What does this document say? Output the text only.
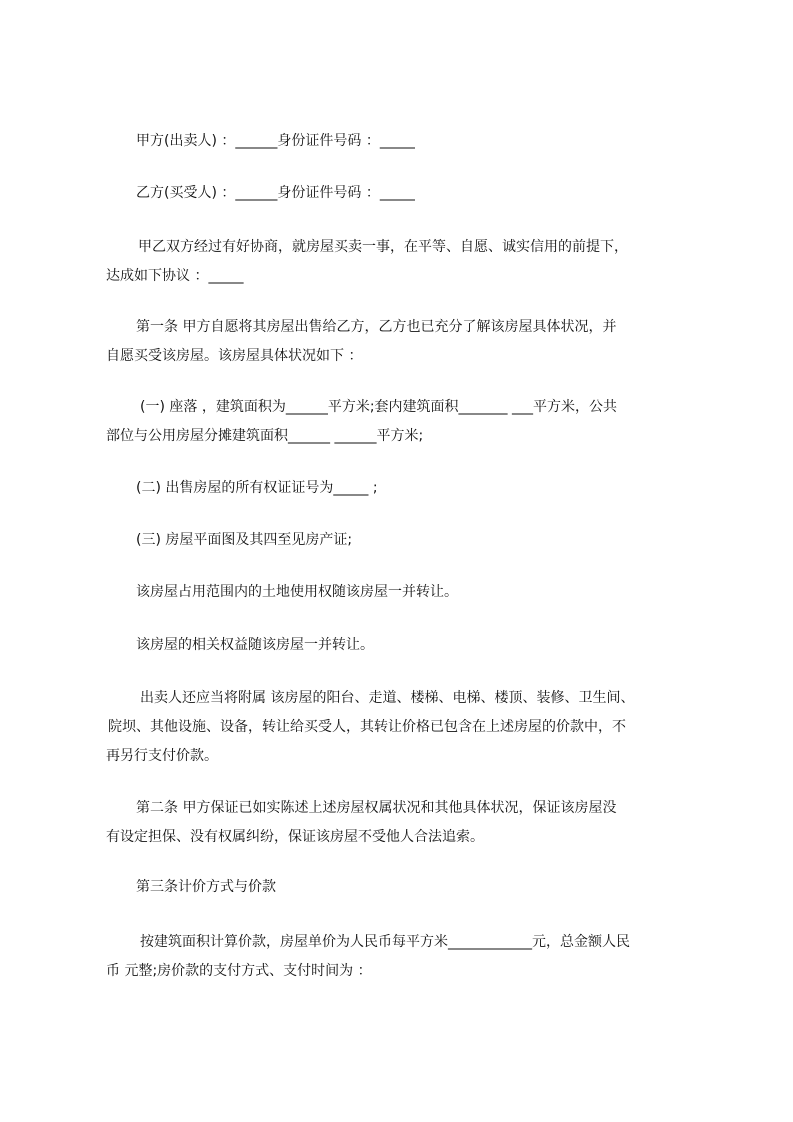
甲方(出卖人) ：______身份证件号码 ：_____

乙方(买受人) ：______身份证件号码 ：_____

甲乙双方经过有好协商，就房屋买卖一事，在平等、自愿、诚实信用的前提下，
达成如下协议 ：_____

第一条 甲方自愿将其房屋出售给乙方，乙方也已充分了解该房屋具体状况，并
自愿买受该房屋。该房屋具体状况如下 ：

(一) 座落 ，建筑面积为______平方米;套内建筑面积_______ ___平方米，公共
部位与公用房屋分摊建筑面积______ ______平方米;

(二) 出售房屋的所有权证证号为_____ ;

(三) 房屋平面图及其四至见房产证;

该房屋占用范围内的土地使用权随该房屋一并转让。

该房屋的相关权益随该房屋一并转让。

出卖人还应当将附属 该房屋的阳台、走道、楼梯、电梯、楼顶、装修、卫生间、
院坝、其他设施、设备，转让给买受人，其转让价格已包含在上述房屋的价款中，不
再另行支付价款。

第二条 甲方保证已如实陈述上述房屋权属状况和其他具体状况，保证该房屋没
有设定担保、没有权属纠纷，保证该房屋不受他人合法追索。

第三条计价方式与价款

按建筑面积计算价款，房屋单价为人民币每平方米____________元，总金额人民
币 元整;房价款的支付方式、支付时间为 ：
